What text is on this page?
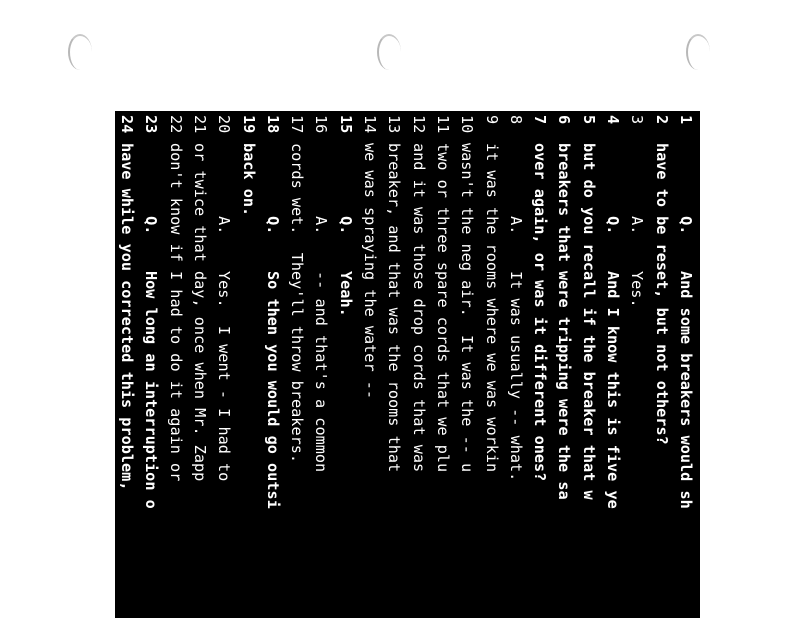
1        Q.    And some breakers would sh
2have to be reset, but not others?
3        A.    Yes.
4        Q.    And I know this is five ye
5but do you recall if the breaker that w
6breakers that were tripping were the sa
7over again, or was it different ones?
8        A.    It was usually -- what.
9it was the rooms where we was workin
10wasn't the neg air.  It was the -- u
11two or three spare cords that we plu
12and it was those drop cords that was
13breaker, and that was the rooms that
14we was spraying the water --
15        Q.    Yeah.
16        A.    -- and that's a common
17cords wet.  They'll throw breakers.
18        Q.    So then you would go outsi
19back on.
20        A.    Yes.  I went - I had to
21or twice that day, once when Mr. Zapp
22don't know if I had to do it again or
23        Q.    How long an interruption o
24have while you corrected this problem,
